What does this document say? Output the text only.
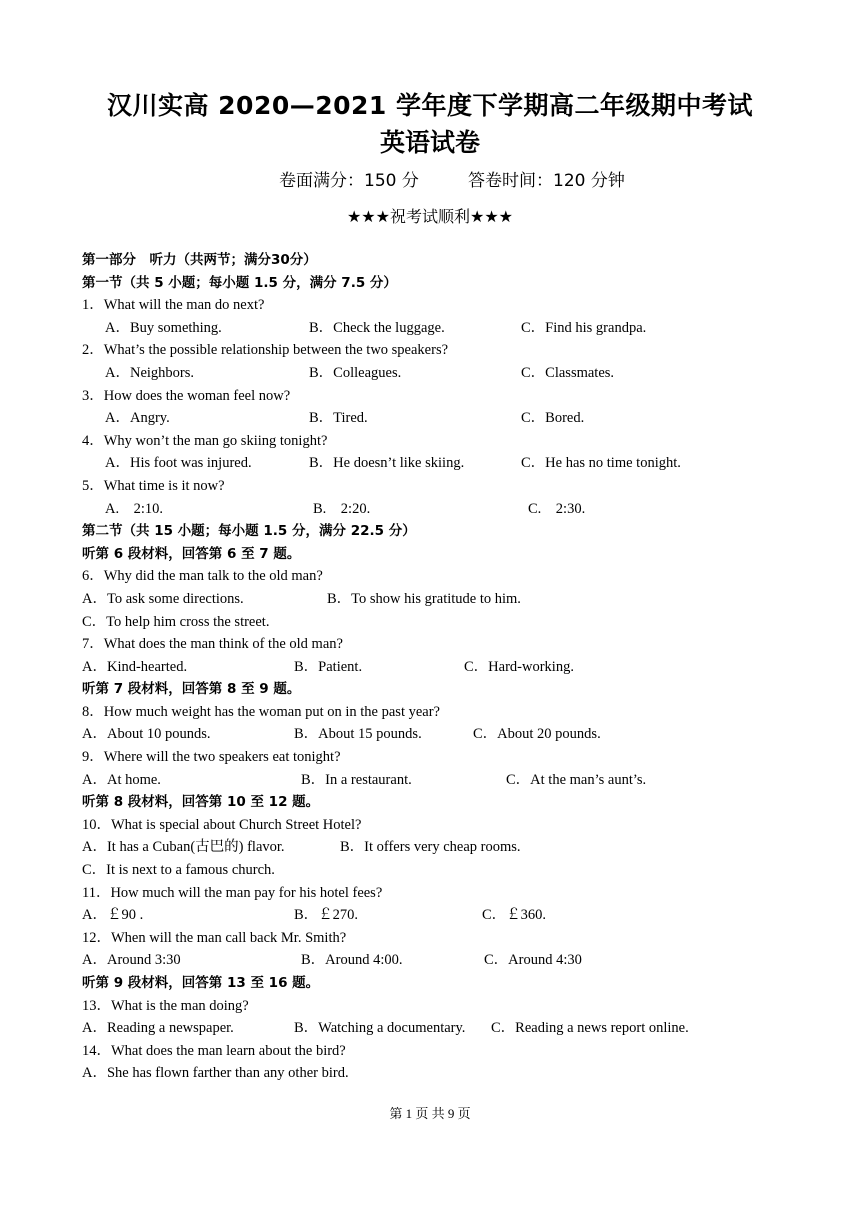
汉川实高 2020—2021 学年度下学期高二年级期中考试
英语试卷
卷面满分：150 分	答卷时间：120 分钟
★★★祝考试顺利★★★
第一部分　听力（共两节；满分30分）
第一节（共 5 小题；每小题 1.5 分，满分 7.5 分）
1．What will the man do next?
A．Buy something.	B．Check the luggage.	C．Find his grandpa.
2．What’s the possible relationship between the two speakers?
A．Neighbors.	B．Colleagues.	C．Classmates.
3．How does the woman feel now?
A．Angry.	B．Tired.	C．Bored.
4．Why won’t the man go skiing tonight?
A．His foot was injured.	B．He doesn’t like skiing.	C．He has no time tonight.
5．What time is it now?
A.　2:10.	B.　2:20.	C.　2:30.
第二节（共 15 小题；每小题 1.5 分，满分 22.5 分）
听第 6 段材料，回答第 6 至 7 题。
6．Why did the man talk to the old man?
A．To ask some directions.	B．To show his gratitude to him.
C．To help him cross the street.
7．What does the man think of the old man?
A．Kind-hearted.	B．Patient.	C．Hard-working.
听第 7 段材料，回答第 8 至 9 题。
8．How much weight has the woman put on in the past year?
A．About 10 pounds.	B．About 15 pounds.	C．About 20 pounds.
9．Where will the two speakers eat tonight?
A．At home.	B．In a restaurant.	C．At the man’s aunt’s.
听第 8 段材料，回答第 10 至 12 题。
10．What is special about Church Street Hotel?
A．It has a Cuban(古巴的) flavor.	B．It offers very cheap rooms.
C．It is next to a famous church.
11．How much will the man pay for his hotel fees?
A．￡90 .	B．￡270.	C．￡360.
12．When will the man call back Mr. Smith?
A．Around 3:30	B．Around 4:00.	C．Around 4:30
听第 9 段材料，回答第 13 至 16 题。
13．What is the man doing?
A．Reading a newspaper.	B．Watching a documentary. C．Reading a news report online.
14．What does the man learn about the bird?
A．She has flown farther than any other bird.
第 1 页 共 9 页
